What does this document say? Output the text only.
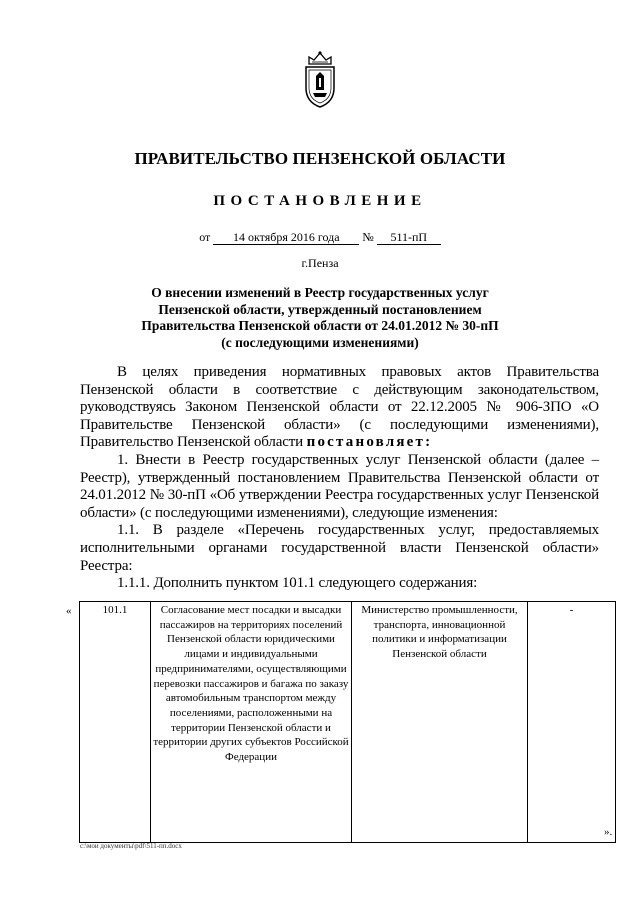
ПРАВИТЕЛЬСТВО ПЕНЗЕНСКОЙ ОБЛАСТИ
ПОСТАНОВЛЕНИЕ
от 14 октября 2016 года № 511-пП
г.Пенза
О внесении изменений в Реестр государственных услуг
Пензенской области, утвержденный постановлением
Правительства Пензенской области от 24.01.2012 № 30-пП
(с последующими изменениями)

В целях приведения нормативных правовых актов Правительства Пензенской области в соответствие с действующим законодательством, руководствуясь Законом Пензенской области от 22.12.2005 № 906-ЗПО «О Правительстве Пензенской области» (с последующими изменениями), Правительство Пензенской области постановляет:

1. Внести в Реестр государственных услуг Пензенской области (далее – Реестр), утвержденный постановлением Правительства Пензенской области от 24.01.2012 № 30-пП «Об утверждении Реестра государственных услуг Пензенской области» (с последующими изменениями), следующие изменения:

1.1. В разделе «Перечень государственных услуг, предоставляемых исполнительными органами государственной власти Пензенской области» Реестра:

1.1.1. Дополнить пунктом 101.1 следующего содержания:

«	101.1	Согласование мест посадки и высадки пассажиров на территориях поселений Пензенской области юридическими лицами и индивидуальными предпринимателями, осуществляющими перевозки пассажиров и багажа по заказу автомобильным транспортом между поселениями, расположенными на территории Пензенской области и территории других субъектов Российской Федерации	Министерство промышленности, транспорта, инновационной политики и информатизации Пензенской области	-
».
c:\мои документы\pdf\511-пп.docx
